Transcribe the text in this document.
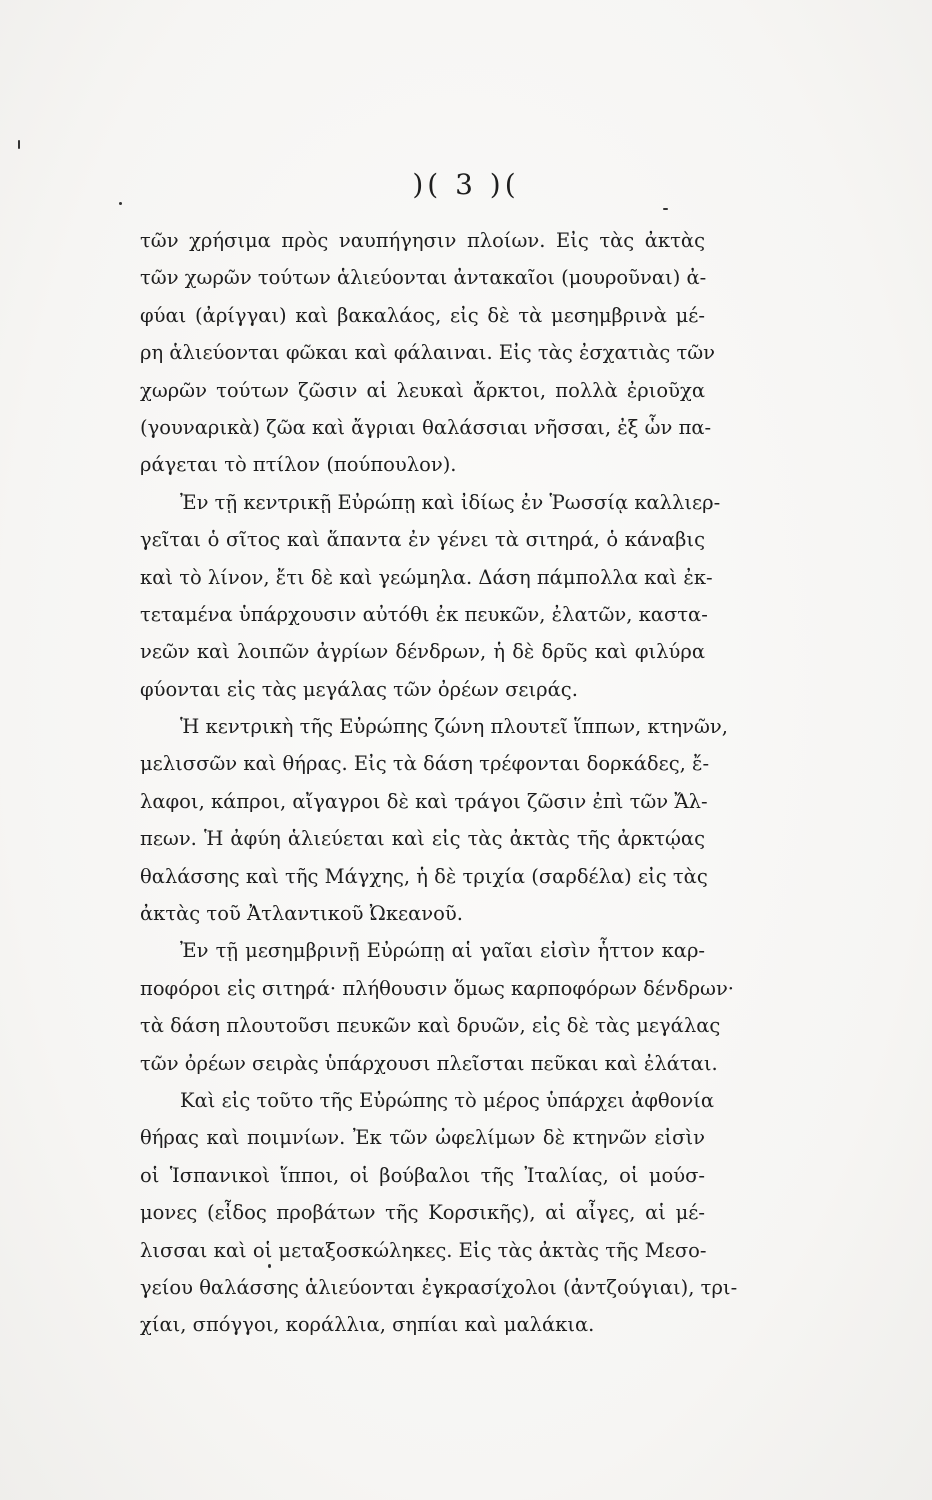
)( 3 )(
τῶν χρήσιμα πρὸς ναυπήγησιν πλοίων. Εἰς τὰς ἀκτὰς
τῶν χωρῶν τούτων ἁλιεύονται ἀντακαῖοι (μουροῦναι) ἀ-
φύαι (ἀρίγγαι) καὶ βακαλάος, εἰς δὲ τὰ μεσημβρινὰ μέ-
ρη ἁλιεύονται φῶκαι καὶ φάλαιναι. Εἰς τὰς ἐσχατιὰς τῶν
χωρῶν τούτων ζῶσιν αἱ λευκαὶ ἄρκτοι, πολλὰ ἐριοῦχα
(γουναρικὰ) ζῶα καὶ ἄγριαι θαλάσσιαι νῆσσαι, ἐξ ὧν πα-
ράγεται τὸ πτίλον (πούπουλον).
Ἐν τῇ κεντρικῇ Εὐρώπῃ καὶ ἰδίως ἐν Ῥωσσίᾳ καλλιερ-
γεῖται ὁ σῖτος καὶ ἅπαντα ἐν γένει τὰ σιτηρά, ὁ κάναβις
καὶ τὸ λίνον, ἔτι δὲ καὶ γεώμηλα. Δάση πάμπολλα καὶ ἐκ-
τεταμένα ὑπάρχουσιν αὐτόθι ἐκ πευκῶν, ἐλατῶν, καστα-
νεῶν καὶ λοιπῶν ἀγρίων δένδρων, ἡ δὲ δρῦς καὶ φιλύρα
φύονται εἰς τὰς μεγάλας τῶν ὀρέων σειράς.
Ἡ κεντρικὴ τῆς Εὐρώπης ζώνη πλουτεῖ ἵππων, κτηνῶν,
μελισσῶν καὶ θήρας. Εἰς τὰ δάση τρέφονται δορκάδες, ἔ-
λαφοι, κάπροι, αἴγαγροι δὲ καὶ τράγοι ζῶσιν ἐπὶ τῶν Ἄλ-
πεων. Ἡ ἀφύη ἁλιεύεται καὶ εἰς τὰς ἀκτὰς τῆς ἀρκτῴας
θαλάσσης καὶ τῆς Μάγχης, ἡ δὲ τριχία (σαρδέλα) εἰς τὰς
ἀκτὰς τοῦ Ἀτλαντικοῦ Ὠκεανοῦ.
Ἐν τῇ μεσημβρινῇ Εὐρώπῃ αἱ γαῖαι εἰσὶν ἧττον καρ-
ποφόροι εἰς σιτηρά· πλήθουσιν ὅμως καρποφόρων δένδρων·
τὰ δάση πλουτοῦσι πευκῶν καὶ δρυῶν, εἰς δὲ τὰς μεγάλας
τῶν ὀρέων σειρὰς ὑπάρχουσι πλεῖσται πεῦκαι καὶ ἐλάται.
Καὶ εἰς τοῦτο τῆς Εὐρώπης τὸ μέρος ὑπάρχει ἀφθονία
θήρας καὶ ποιμνίων. Ἐκ τῶν ὠφελίμων δὲ κτηνῶν εἰσὶν
οἱ Ἱσπανικοὶ ἵπποι, οἱ βούβαλοι τῆς Ἰταλίας, οἱ μούσ-
μονες (εἶδος προβάτων τῆς Κορσικῆς), αἱ αἶγες, αἱ μέ-
λισσαι καὶ οἱ μεταξοσκώληκες. Εἰς τὰς ἀκτὰς τῆς Μεσο-
γείου θαλάσσης ἁλιεύονται ἐγκρασίχολοι (ἀντζούγιαι), τρι-
χίαι, σπόγγοι, κοράλλια, σηπίαι καὶ μαλάκια.
